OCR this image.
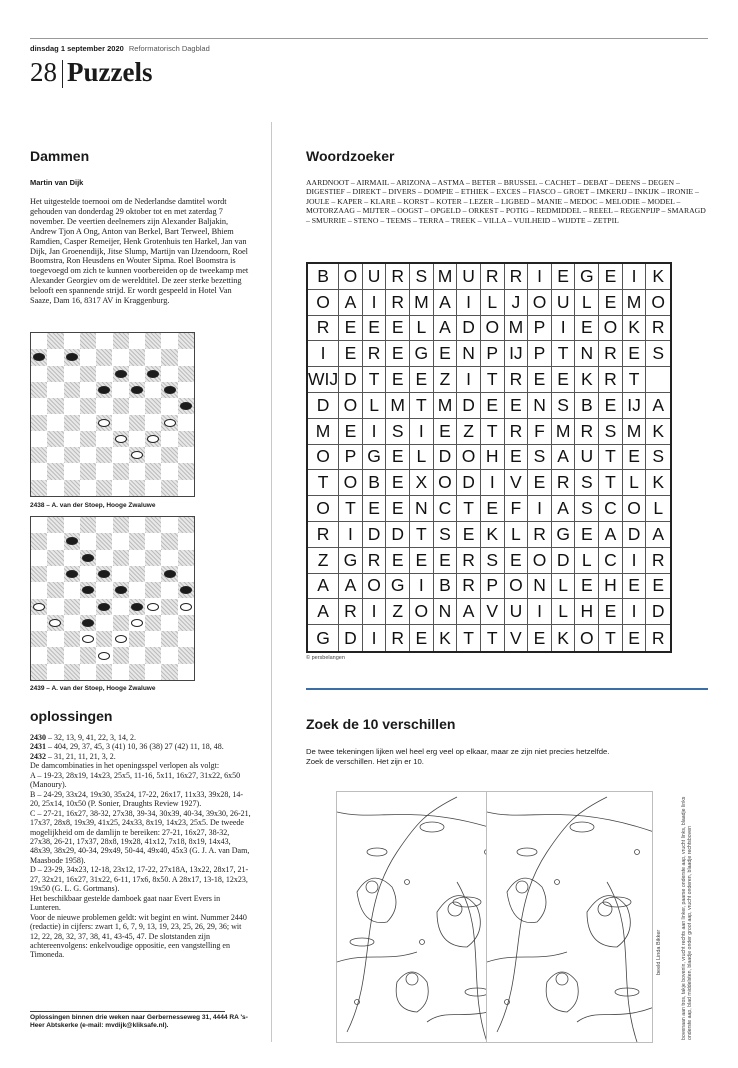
dinsdag 1 september 2020 Reformatorisch Dagblad
28 Puzzels
Dammen
Martin van Dijk
Het uitgestelde toernooi om de Nederlandse damtitel wordt gehouden van donderdag 29 oktober tot en met zaterdag 7 november. De veertien deelnemers zijn Alexander Baljakin, Andrew Tjon A Ong, Anton van Berkel, Bart Terweel, Bhiem Ramdien, Casper Remeijer, Henk Grotenhuis ten Harkel, Jan van Dijk, Jan Groenendijk, Jitse Slump, Martijn van IJzendoorn, Roel Boomstra, Ron Heusdens en Wouter Sipma. Roel Boomstra is toegevoegd om zich te kunnen voorbereiden op de tweekamp met Alexander Georgiev om de wereldtitel. De zeer sterke bezetting belooft een spannende strijd. Er wordt gespeeld in Hotel Van Saaze, Dam 16, 8317 AV in Kraggenburg.
2438 – A. van der Stoep, Hooge Zwaluwe
2439 – A. van der Stoep, Hooge Zwaluwe
oplossingen

2430 – 32, 13, 9, 41, 22, 3, 14, 2.

2431 – 404, 29, 37, 45, 3 (41) 10, 36 (38) 27 (42) 11, 18, 48.

2432 – 31, 21, 11, 21, 3, 2.

De damcombinaties in het openingsspel verlopen als volgt:

A – 19-23, 28x19, 14x23, 25x5, 11-16, 5x11, 16x27, 31x22, 6x50 (Manoury).

B – 24-29, 33x24, 19x30, 35x24, 17-22, 26x17, 11x33, 39x28, 14-20, 25x14, 10x50 (P. Sonier, Draughts Review 1927).

C – 27-21, 16x27, 38-32, 27x38, 39-34, 30x39, 40-34, 39x30, 26-21, 17x37, 28x8, 19x39, 41x25, 24x33, 8x19, 14x23, 25x5. De tweede mogelijkheid om de damlijn te bereiken: 27-21, 16x27, 38-32, 27x38, 26-21, 17x37, 28x8, 19x28, 41x12, 7x18, 8x19, 14x43, 48x39, 38x29, 40-34, 29x49, 50-44, 49x40, 45x3 (G. J. A. van Dam, Maasbode 1958).

D – 23-29, 34x23, 12-18, 23x12, 17-22, 27x18A, 13x22, 28x17, 21-27, 32x21, 16x27, 31x22, 6-11, 17x6, 8x50. A 28x17, 13-18, 12x23, 19x50 (G. L. G. Gortmans).

Het beschikbaar gestelde damboek gaat naar Evert Evers in Lunteren.

Voor de nieuwe problemen geldt: wit begint en wint. Nummer 2440 (redactie) in cijfers: zwart 1, 6, 7, 9, 13, 19, 23, 25, 26, 29, 36; wit 12, 22, 28, 32, 37, 38, 41, 43-45, 47. De slotstanden zijn achtereenvolgens: enkelvoudige oppositie, een vangstelling en Timoneda.

Oplossingen binnen drie weken naar Gerbernesseweg 31, 4444 RA 's-Heer Abtskerke (e-mail: mvdijk@kliksafe.nl).
Woordzoeker
AARDNOOT – AIRMAIL – ARIZONA – ASTMA – BETER – BRUSSEL – CACHET – DEBAT – DEENS – DEGEN – DIGESTIEF – DIREKT – DIVERS – DOMPIE – ETHIEK – EXCES – FIASCO – GROET – IMKERIJ – INKIJK – IRONIE – JOULE – KAPER – KLARE – KORST – KOTER – LEZER – LIGBED – MANIE – MEDOC – MELODIE – MODEL – MOTORZAAG – MIJTER – OOGST – OPGELD – ORKEST – POTIG – REDMIDDEL – REEEL – REGENPIJP – SMARAGD – SMURRIE – STENO – TEEMS – TERRA – TREEK – VILLA – VUILHEID – WIJDTE – ZETPIL
B O U R S M U R R I E G E I K
O A I R M A I L J O U L E M O
R E E E L A D O M P I E O K R
I	E R E G E N P IJ P T N R E S
WIJ D T E E Z I T R E E K R T
D O L M T M D E E N S B E IJ A
M E I S I E Z T R F M R S M K
O P G E L D O H E S A U T E S
T O B E X O D I V E R S T L K
O T E E N C T E F I A S C O L
R	I D D T S E K L R G E A D A
Z G R E E E R S E O D L C I R
A A O G I B R P O N L E H E E
A R I Z O N A V U I L H E I D
G D I R E K T T V E K O T E R
© persbelangen
Zoek de 10 verschillen
De twee tekeningen lijken wel heel erg veel op elkaar, maar ze zijn niet precies hetzelfde.
Zoek de verschillen. Het zijn er 10.
beeld Linda Bikker	bovenaan aan tros, takje bovenin, vrucht rechts aan linker, paarse onderste aap, vrucht links, blaadje links onderste aap, blad middelsten, blaadje onder groot aap, vrucht onderen, blaadje rechtsboven
